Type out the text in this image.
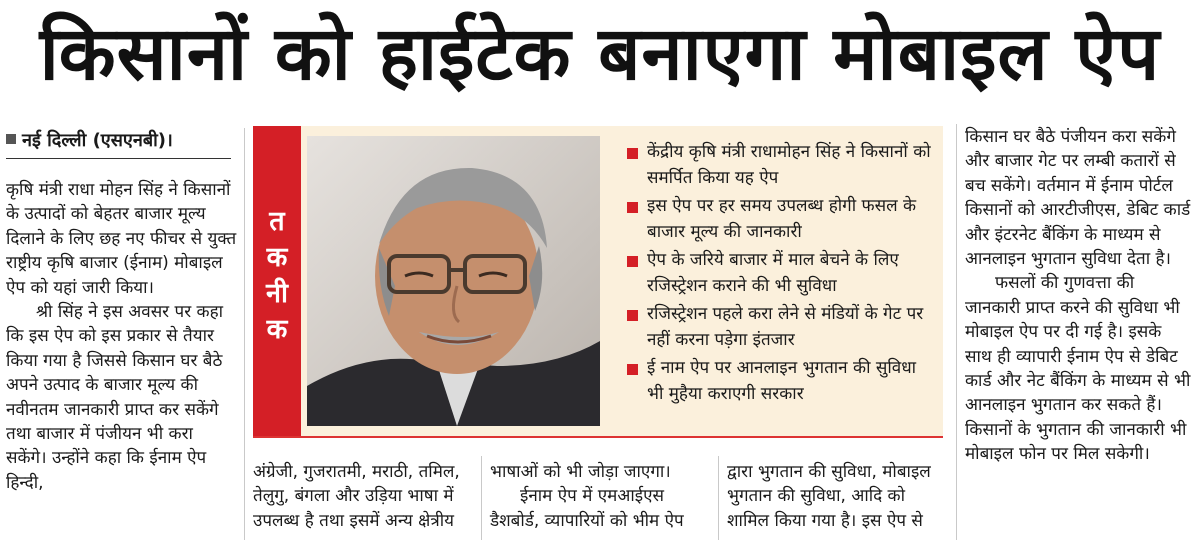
किसानों को हाईटेक बनाएगा मोबाइल ऐप
नई दिल्ली (एसएनबी)।

कृषि मंत्री राधा मोहन सिंह ने किसानों के उत्पादों को बेहतर बाजार मूल्य दिलाने के लिए छह नए फीचर से युक्त राष्ट्रीय कृषि बाजार (ईनाम) मोबाइल ऐप को यहां जारी किया।

श्री सिंह ने इस अवसर पर कहा कि इस ऐप को इस प्रकार से तैयार किया गया है जिससे किसान घर बैठे अपने उत्पाद के बाजार मूल्य की नवीनतम जानकारी प्राप्त कर सकेंगे तथा बाजार में पंजीयन भी करा सकेंगे। उन्होंने कहा कि ईनाम ऐप हिन्दी,

त
क
नी
क
केंद्रीय कृषि मंत्री राधामोहन सिंह ने किसानों को समर्पित किया यह ऐप
इस ऐप पर हर समय उपलब्ध होगी फसल के बाजार मूल्य की जानकारी
ऐप के जरिये बाजार में माल बेचने के लिए रजिस्ट्रेशन कराने की भी सुविधा
रजिस्ट्रेशन पहले करा लेने से मंडियों के गेट पर नहीं करना पड़ेगा इंतजार
ई नाम ऐप पर आनलाइन भुगतान की सुविधा भी मुहैया कराएगी सरकार

अंग्रेजी, गुजरातमी, मराठी, तमिल, तेलुगु, बंगला और उड़िया भाषा में उपलब्ध है तथा इसमें अन्य क्षेत्रीय

भाषाओं को भी जोड़ा जाएगा।

ईनाम ऐप में एमआईएस डैशबोर्ड, व्यापारियों को भीम ऐप

द्वारा भुगतान की सुविधा, मोबाइल भुगतान की सुविधा, आदि को शामिल किया गया है। इस ऐप से

किसान घर बैठे पंजीयन करा सकेंगे और बाजार गेट पर लम्बी कतारों से बच सकेंगे। वर्तमान में ईनाम पोर्टल किसानों को आरटीजीएस, डेबिट कार्ड और इंटरनेट बैंकिंग के माध्यम से आनलाइन भुगतान सुविधा देता है।

फसलों की गुणवत्ता की जानकारी प्राप्त करने की सुविधा भी मोबाइल ऐप पर दी गई है। इसके साथ ही व्यापारी ईनाम ऐप से डेबिट कार्ड और नेट बैंकिंग के माध्यम से भी आनलाइन भुगतान कर सकते हैं। किसानों के भुगतान की जानकारी भी मोबाइल फोन पर मिल सकेगी।
